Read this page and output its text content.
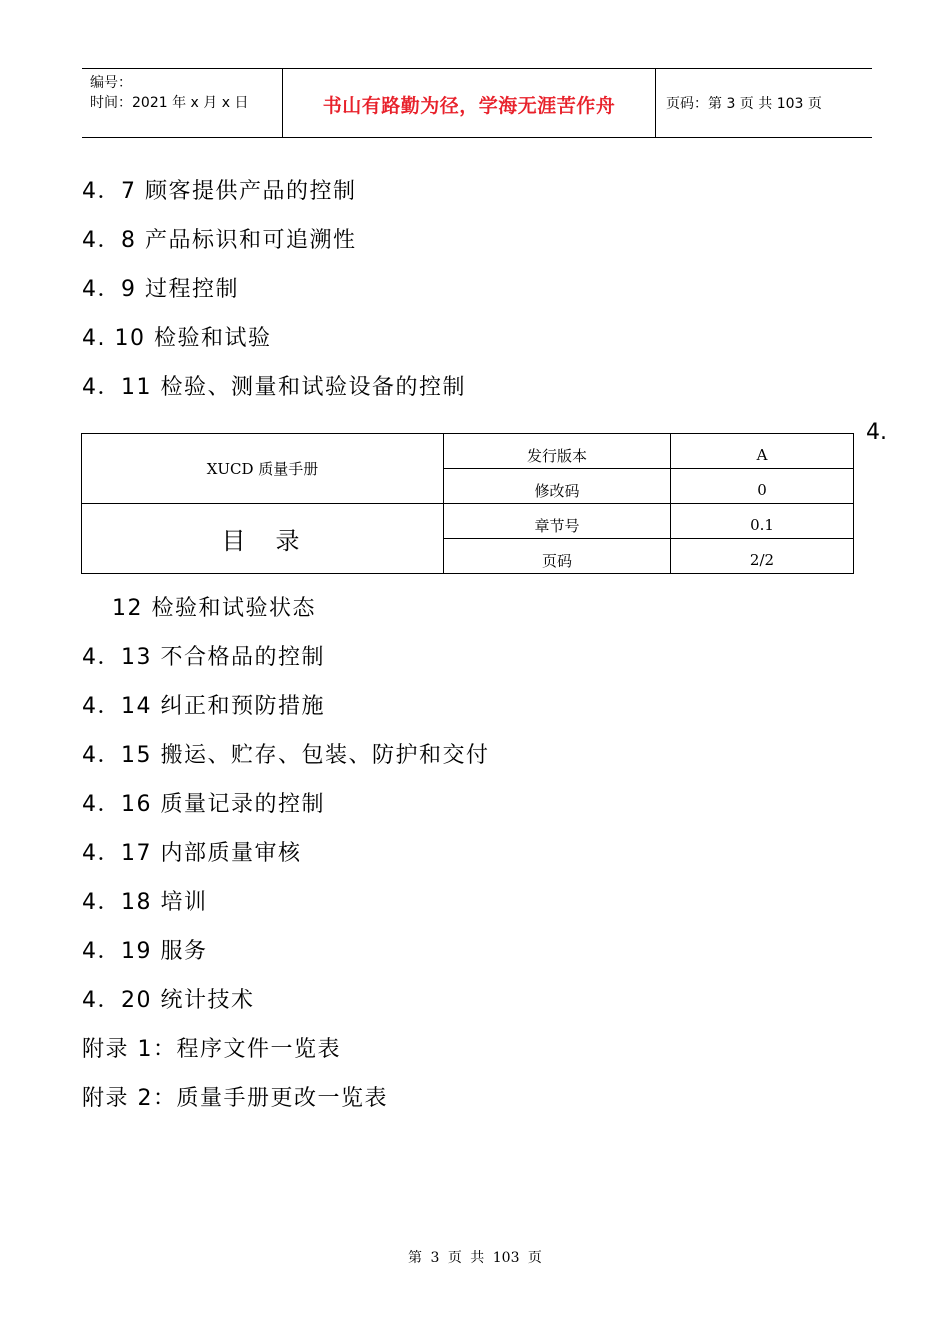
编号：
时间：2021 年 x 月 x 日	书山有路勤为径，学海无涯苦作舟	页码：第 3 页 共 103 页
4．7 顾客提供产品的控制
4．8 产品标识和可追溯性
4．9 过程控制
4. 10 检验和试验
4．11 检验、测量和试验设备的控制
4.
XUCD 质量手册	发行版本	A
	修改码	0
目录	章节号	0.1
	页码	2/2
12 检验和试验状态
4．13 不合格品的控制
4．14 纠正和预防措施
4．15 搬运、贮存、包装、防护和交付
4．16 质量记录的控制
4．17 内部质量审核
4．18 培训
4．19 服务
4．20 统计技术
附录 1：程序文件一览表
附录 2：质量手册更改一览表
第 3 页 共 103 页
